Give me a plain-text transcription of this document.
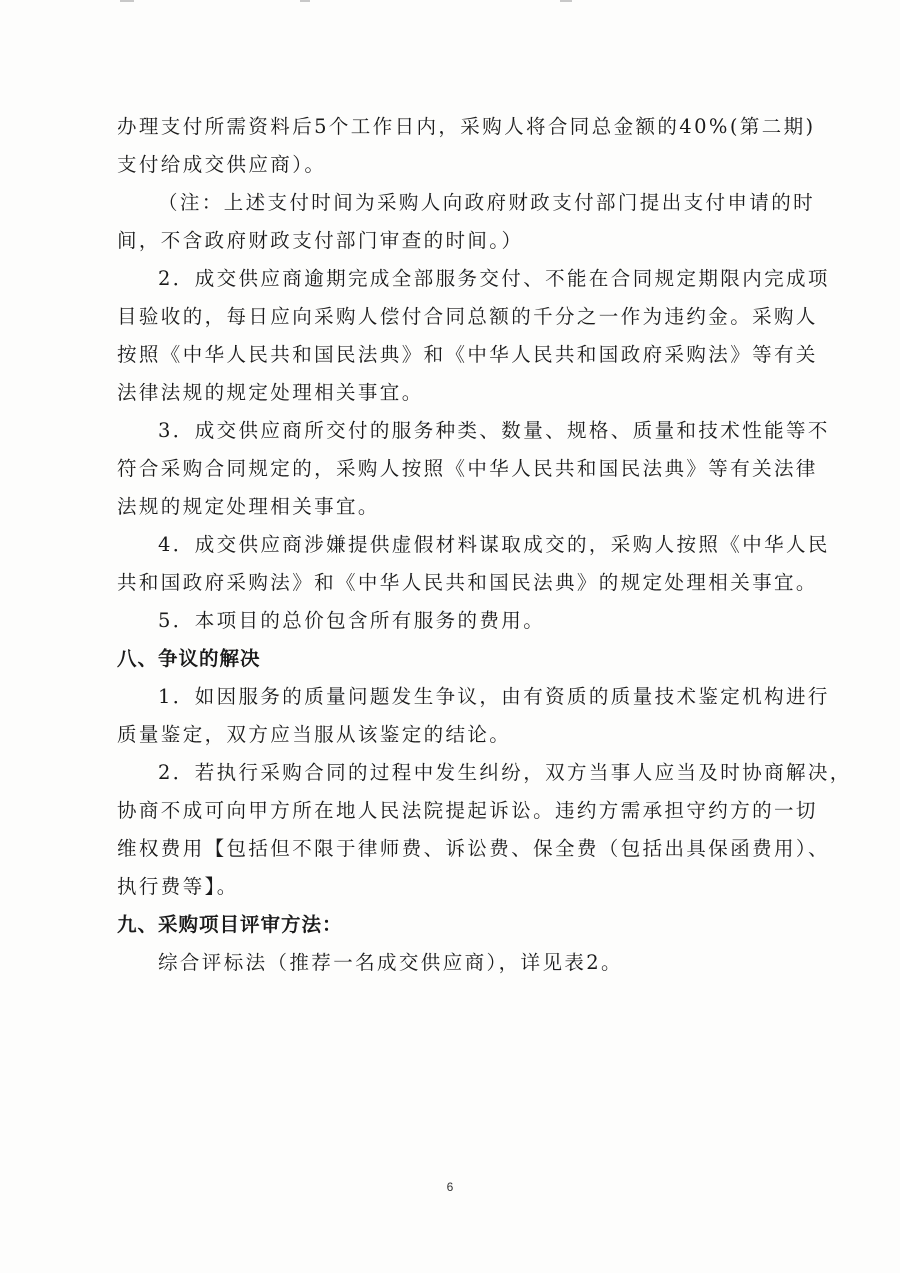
办理支付所需资料后5个工作日内，采购人将合同总金额的40%(第二期)
支付给成交供应商）。
（注：上述支付时间为采购人向政府财政支付部门提出支付申请的时
间，不含政府财政支付部门审查的时间。）
2．成交供应商逾期完成全部服务交付、不能在合同规定期限内完成项
目验收的，每日应向采购人偿付合同总额的千分之一作为违约金。采购人
按照《中华人民共和国民法典》和《中华人民共和国政府采购法》等有关
法律法规的规定处理相关事宜。
3．成交供应商所交付的服务种类、数量、规格、质量和技术性能等不
符合采购合同规定的，采购人按照《中华人民共和国民法典》等有关法律
法规的规定处理相关事宜。
4．成交供应商涉嫌提供虚假材料谋取成交的，采购人按照《中华人民
共和国政府采购法》和《中华人民共和国民法典》的规定处理相关事宜。
5．本项目的总价包含所有服务的费用。
八、争议的解决
1．如因服务的质量问题发生争议，由有资质的质量技术鉴定机构进行
质量鉴定，双方应当服从该鉴定的结论。
2．若执行采购合同的过程中发生纠纷，双方当事人应当及时协商解决，
协商不成可向甲方所在地人民法院提起诉讼。违约方需承担守约方的一切
维权费用【包括但不限于律师费、诉讼费、保全费（包括出具保函费用）、
执行费等】。
九、采购项目评审方法：
综合评标法（推荐一名成交供应商），详见表2。
6
